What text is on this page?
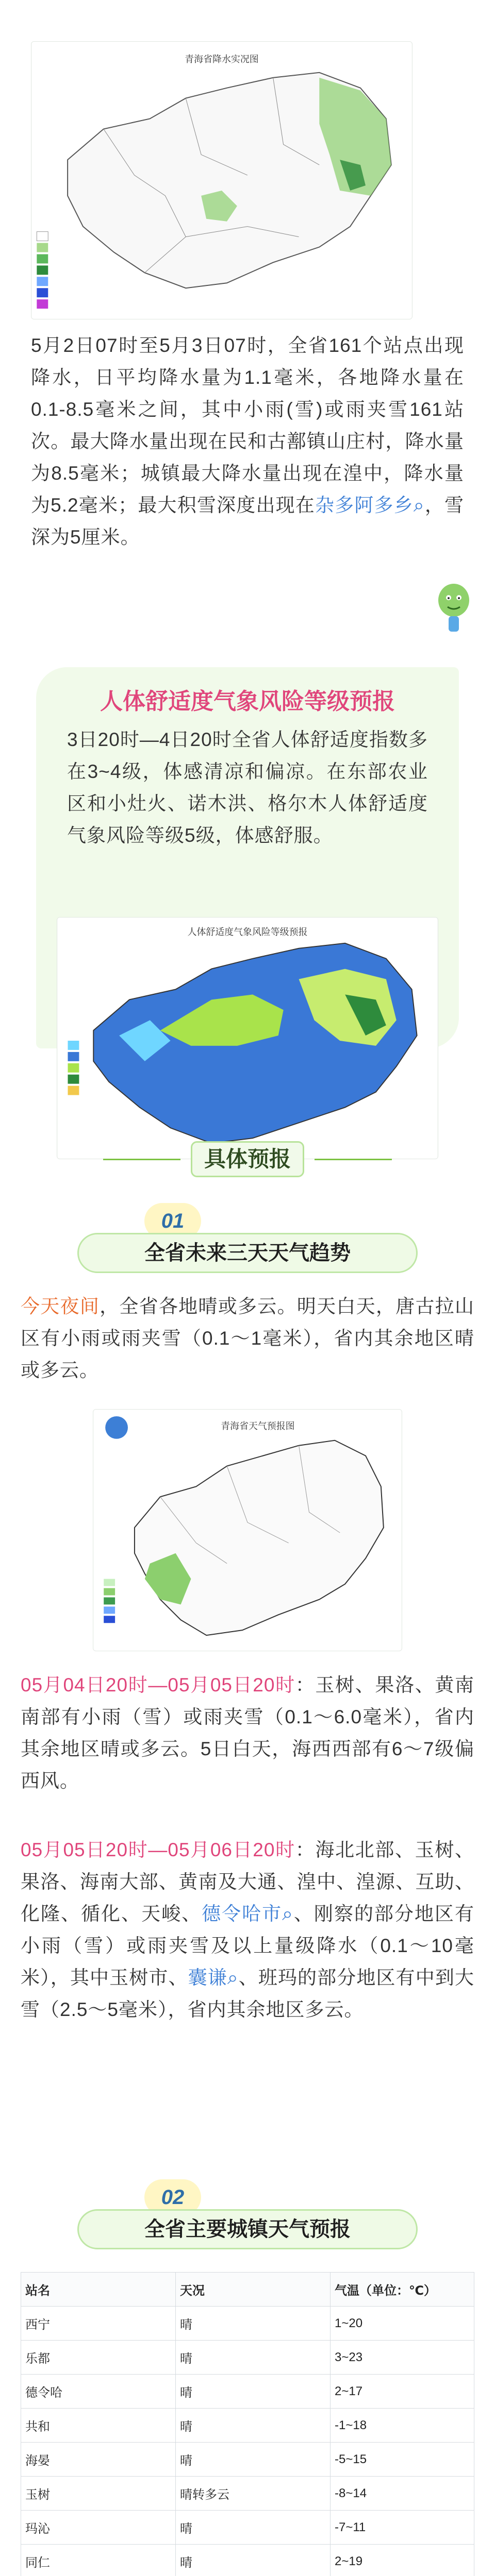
青海省降水实况图

5月2日07时至5月3日07时，全省161个站点出现降水，日平均降水量为1.1毫米，各地降水量在0.1-8.5毫米之间，其中小雨(雪)或雨夹雪161站次。最大降水量出现在民和古鄯镇山庄村，降水量为8.5毫米；城镇最大降水量出现在湟中，降水量为5.2毫米；最大积雪深度出现在杂多阿多乡⌕，雪深为5厘米。

人体舒适度气象风险等级预报

3日20时—4日20时全省人体舒适度指数多在3~4级，体感清凉和偏凉。在东部农业区和小灶火、诺木洪、格尔木人体舒适度气象风险等级5级，体感舒服。

人体舒适度气象风险等级预报
具体预报
01
全省未来三天天气趋势

今天夜间，全省各地晴或多云。明天白天，唐古拉山区有小雨或雨夹雪（0.1～1毫米），省内其余地区晴或多云。

青海省天气预报图

05月04日20时—05月05日20时：玉树、果洛、黄南南部有小雨（雪）或雨夹雪（0.1～6.0毫米），省内其余地区晴或多云。5日白天，海西西部有6～7级偏西风。

05月05日20时—05月06日20时：海北北部、玉树、果洛、海南大部、黄南及大通、湟中、湟源、互助、化隆、循化、天峻、德令哈市⌕、刚察的部分地区有小雨（雪）或雨夹雪及以上量级降水（0.1～10毫米），其中玉树市、囊谦⌕、班玛的部分地区有中到大雪（2.5～5毫米），省内其余地区多云。

02
全省主要城镇天气预报
站名	天况	气温（单位：℃）
西宁	晴	1~20
乐都	晴	3~23
德令哈	晴	2~17
共和	晴	-1~18
海晏	晴	-5~15
玉树	晴转多云	-8~14
玛沁	晴	-7~11
同仁	晴	2~19
